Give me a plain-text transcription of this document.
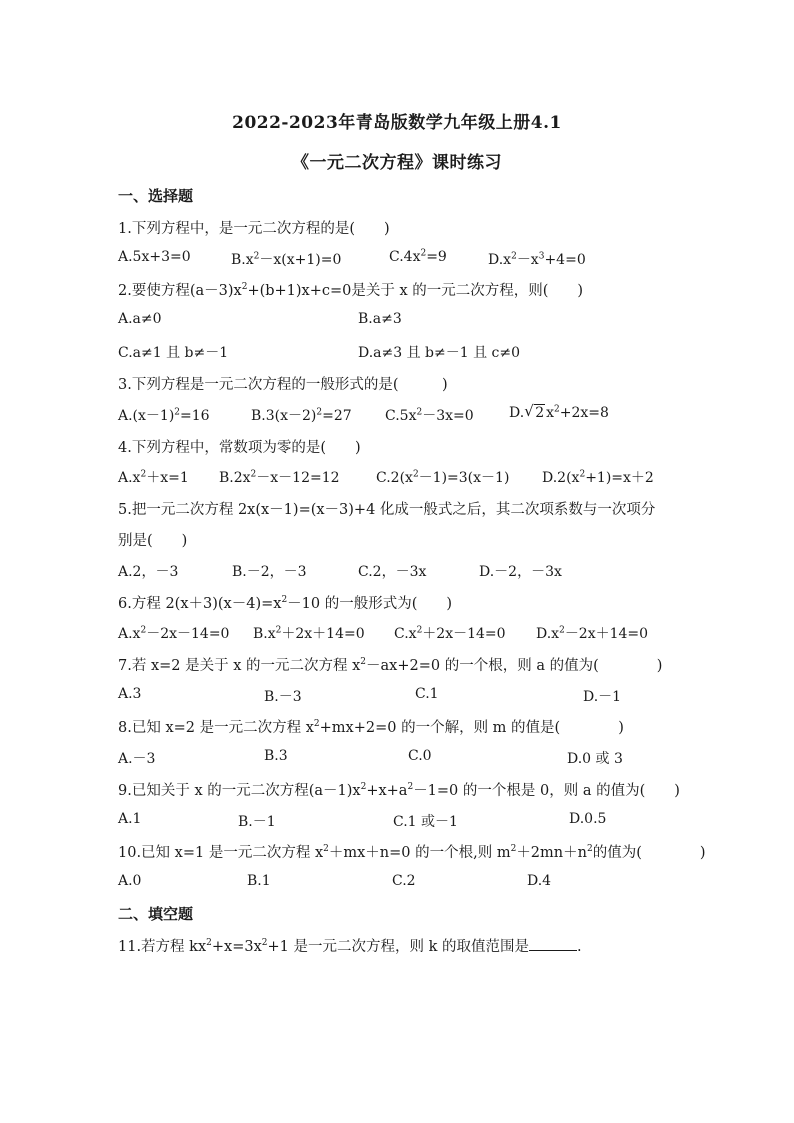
2022-2023年青岛版数学九年级上册4.1
《一元二次方程》课时练习
一、选择题
1.下列方程中，是一元二次方程的是(　　)
A.5x+3=0	$B.x^2-x(x+1)=0$	$C.4x^2=9$	$D.x^2-x^3+4=0$
2.要使方程$(a-3)x^2+(b+1)x+c=0$是关于 x 的一元二次方程，则(　　)
A.a≠0	B.a≠3
C.a≠1 且 b≠－1	D.a≠3 且 b≠－1 且 c≠0
3.下列方程是一元二次方程的一般形式的是(　　　)
$A.(x-1)^2=16$	$B.3(x-2)^2=27$ $C.5x^2-3x=0$	D. √ 2 $x^2+2x=8$
4.下列方程中，常数项为零的是(　　)
$A.x^2+x=1$ $B.2x^2-x-12=12$	$C.2(x^2-1)=3(x-1)$ $D.2(x^2+1)=x+2$
5.把一元二次方程 2x(x－1)=(x－3)+4 化成一般式之后，其二次项系数与一次项分
别是(　　)
A.2，－3	B.－2，－3	C.2，－3x	D.－2，－3x
6.方程 $2(x+3)(x-4)=x^2-10$ 的一般形式为(　　)
$A.x^2-2x-14=0$ $B.x^2+2x+14=0$ $C.x^2+2x-14=0$ $D.x^2-2x+14=0$
7.若 x=2 是关于 x 的一元二次方程 $x^2-ax+2=0$ 的一个根，则 a 的值为(　　　　)
A.3	B.－3	C.1	D.－1
8.已知 x=2 是一元二次方程 $x^2+mx+2=0$ 的一个解，则 m 的值是(　　　　)
A.－3	B.3	C.0	D.0 或 3
9.已知关于 x 的一元二次方程$(a-1)x^2+x+a^2-1=0$ 的一个根是 0，则 a 的值为(　　)
A.1	B.－1	C.1 或－1	D.0.5
10.已知 x=1 是一元二次方程 $x^2+mx+n=0$ 的一个根,则 $m^2+2mn+n^2$的值为(　　　　)
A.0	B.1	C.2	D.4
二、填空题
11.若方程 $kx^2+x=3x^2+1$ 是一元二次方程，则 k 的取值范围是	.
